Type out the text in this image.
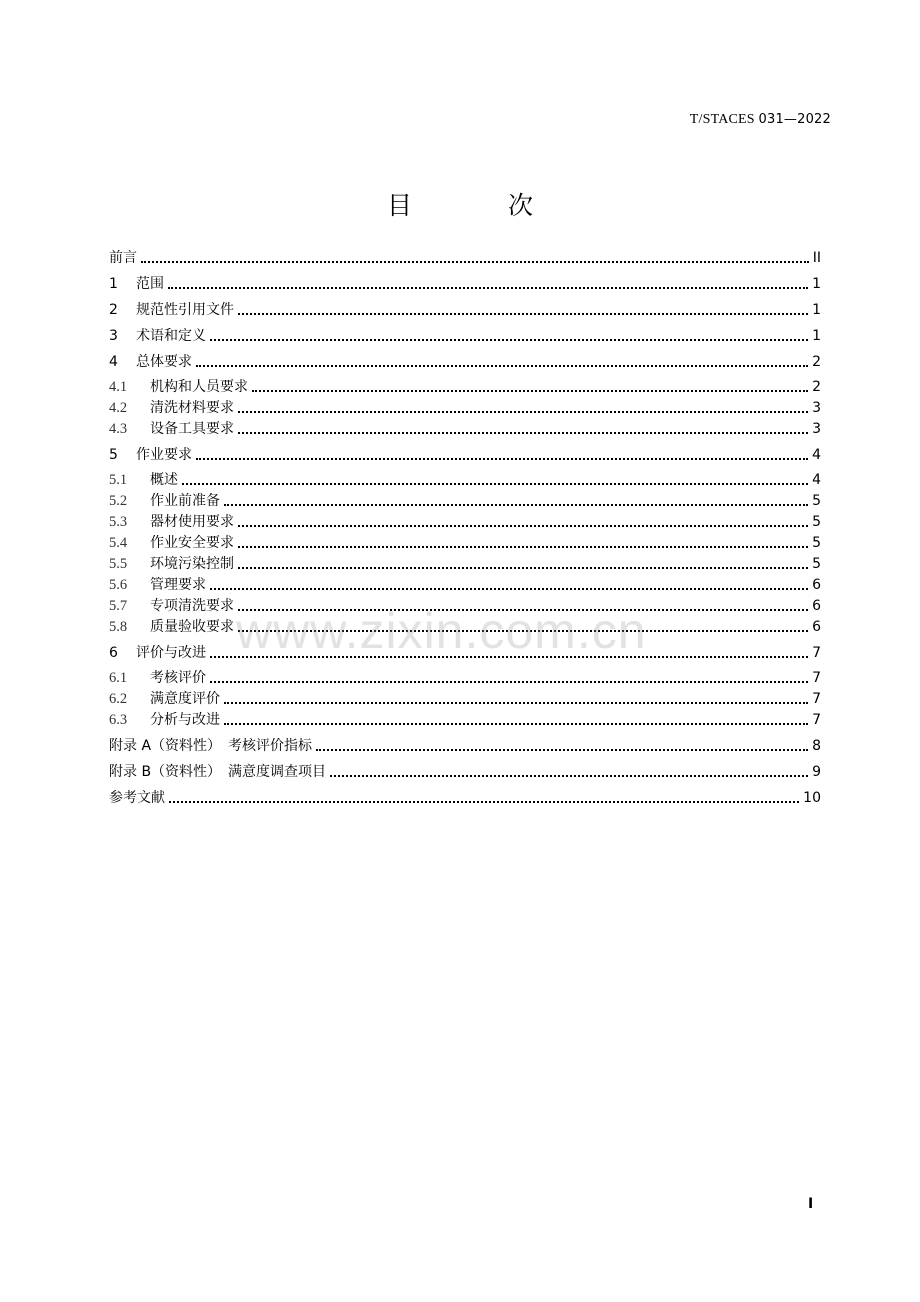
T/STACES 031—2022
目 次
前言	II
1	范围	1
2	规范性引用文件	1
3	术语和定义	1
4	总体要求	2
4.1	机构和人员要求	2
4.2	清洗材料要求	3
4.3	设备工具要求	3
5	作业要求	4
5.1	概述	4
5.2	作业前准备	5
5.3	器材使用要求	5
5.4	作业安全要求	5
5.5	环境污染控制	5
5.6	管理要求	6
5.7	专项清洗要求	6
5.8	质量验收要求	6
6	评价与改进	7
6.1	考核评价	7
6.2	满意度评价	7
6.3	分析与改进	7
附录 A（资料性）　考核评价指标	8
附录 B（资料性）　满意度调查项目	9
参考文献	10
www.zixin.com.cn
I
